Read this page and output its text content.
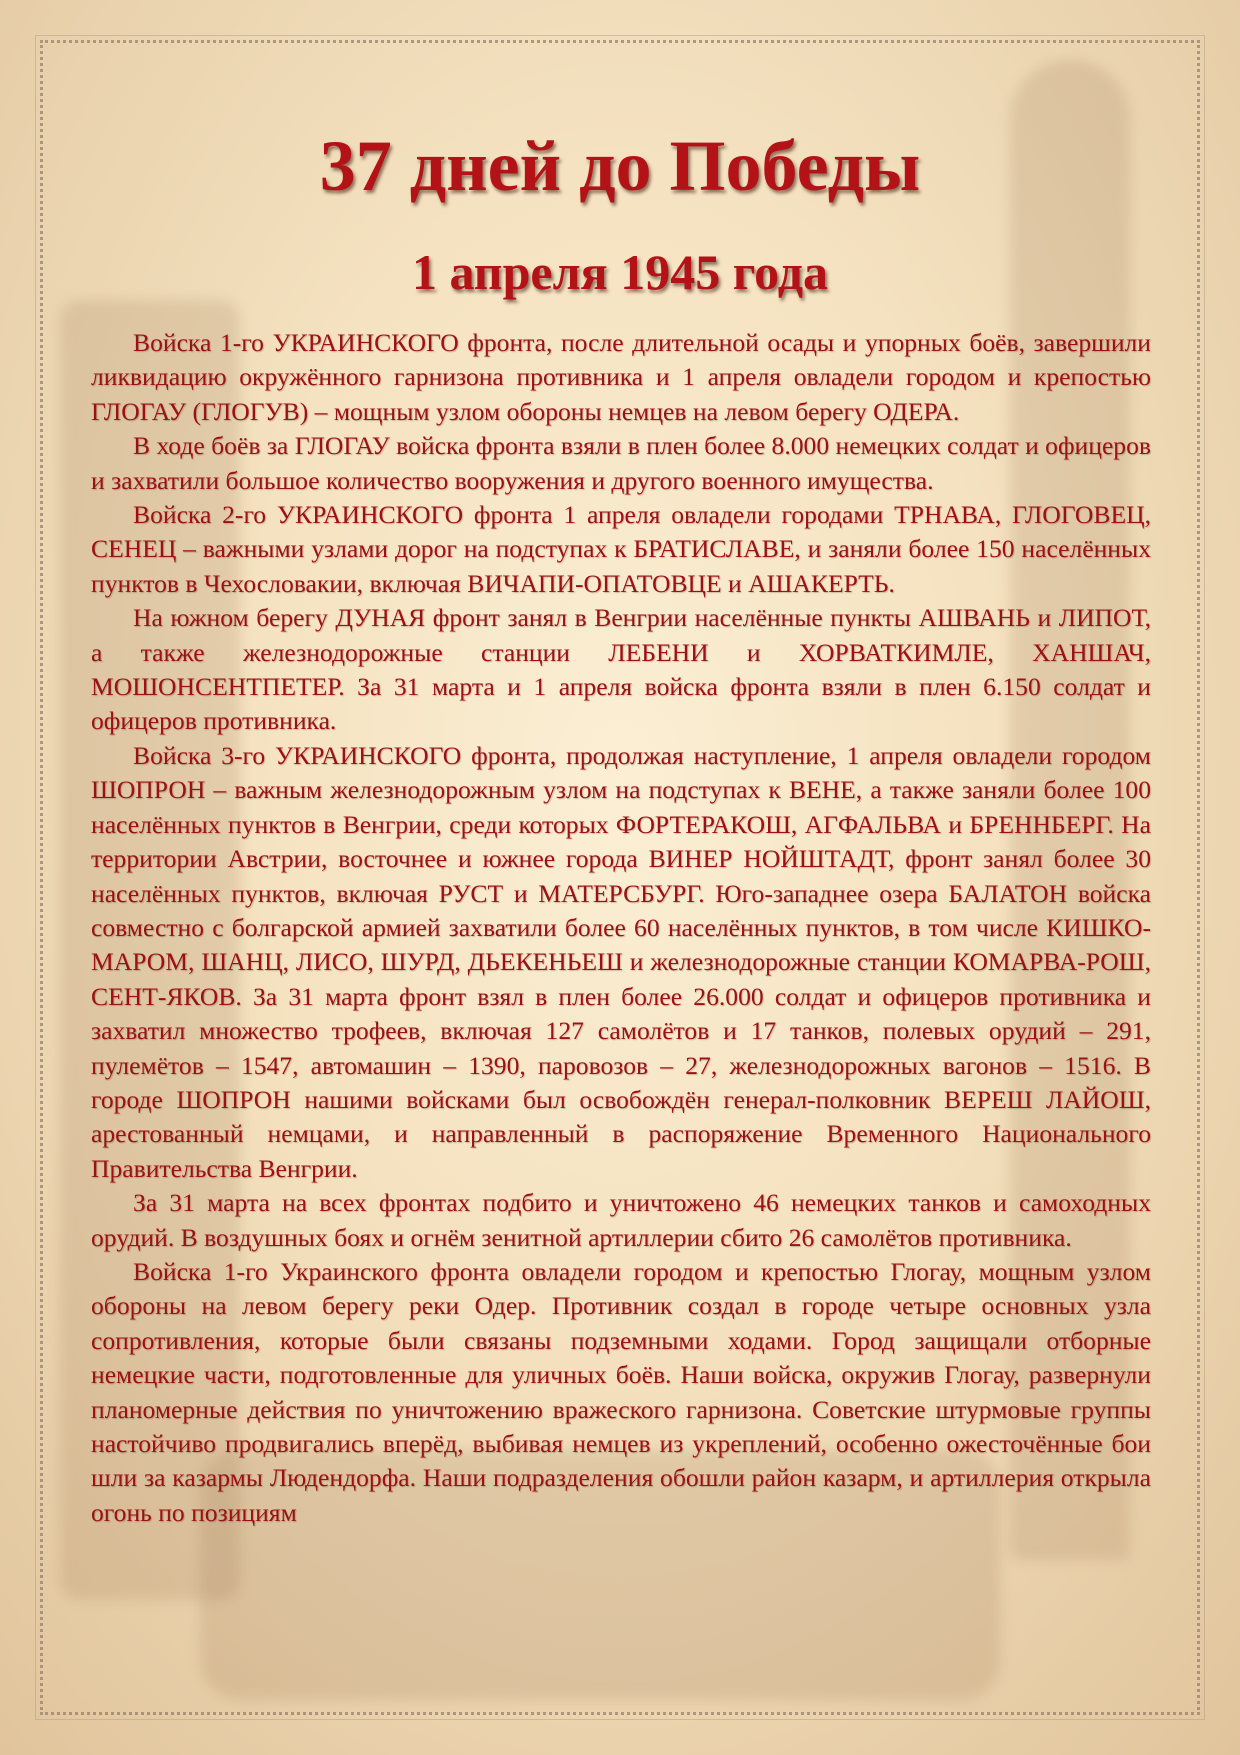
37 дней до Победы
1 апреля 1945 года

Войска 1-го УКРАИНСКОГО фронта, после длительной осады и упорных боёв, завершили ликвидацию окружённого гарнизона противника и 1 апреля овладели городом и крепостью ГЛОГАУ (ГЛОГУВ) – мощным узлом обороны немцев на левом берегу ОДЕРА.

В ходе боёв за ГЛОГАУ войска фронта взяли в плен более 8.000 немецких солдат и офицеров и захватили большое количество вооружения и другого военного имущества.

Войска 2-го УКРАИНСКОГО фронта 1 апреля овладели городами ТРНАВА, ГЛОГОВЕЦ, СЕНЕЦ – важными узлами дорог на подступах к БРАТИСЛАВЕ, и заняли более 150 населённых пунктов в Чехословакии, включая ВИЧАПИ-ОПАТОВЦЕ и АШАКЕРТЬ.

На южном берегу ДУНАЯ фронт занял в Венгрии населённые пункты АШВАНЬ и ЛИПОТ, а также железнодорожные станции ЛЕБЕНИ и ХОРВАТКИМЛЕ, ХАНШАЧ, МОШОНСЕНТПЕТЕР. За 31 марта и 1 апреля войска фронта взяли в плен 6.150 солдат и офицеров противника.

Войска 3-го УКРАИНСКОГО фронта, продолжая наступление, 1 апреля овладели городом ШОПРОН – важным железнодорожным узлом на подступах к ВЕНЕ, а также заняли более 100 населённых пунктов в Венгрии, среди которых ФОРТЕРАКОШ, АГФАЛЬВА и БРЕННБЕРГ. На территории Австрии, восточнее и южнее города ВИНЕР НОЙШТАДТ, фронт занял более 30 населённых пунктов, включая РУСТ и МАТЕРСБУРГ. Юго-западнее озера БАЛАТОН войска совместно с болгарской армией захватили более 60 населённых пунктов, в том числе КИШКО-МАРОМ, ШАНЦ, ЛИСО, ШУРД, ДЬЕКЕНЬЕШ и железнодорожные станции КОМАРВА-РОШ, СЕНТ-ЯКОВ. За 31 марта фронт взял в плен более 26.000 солдат и офицеров противника и захватил множество трофеев, включая 127 самолётов и 17 танков, полевых орудий – 291, пулемётов – 1547, автомашин – 1390, паровозов – 27, железнодорожных вагонов – 1516. В городе ШОПРОН нашими войсками был освобождён генерал-полковник ВЕРЕШ ЛАЙОШ, арестованный немцами, и направленный в распоряжение Временного Национального Правительства Венгрии.

За 31 марта на всех фронтах подбито и уничтожено 46 немецких танков и самоходных орудий. В воздушных боях и огнём зенитной артиллерии сбито 26 самолётов противника.

Войска 1-го Украинского фронта овладели городом и крепостью Глогау, мощным узлом обороны на левом берегу реки Одер. Противник создал в городе четыре основных узла сопротивления, которые были связаны подземными ходами. Город защищали отборные немецкие части, подготовленные для уличных боёв. Наши войска, окружив Глогау, развернули планомерные действия по уничтожению вражеского гарнизона. Советские штурмовые группы настойчиво продвигались вперёд, выбивая немцев из укреплений, особенно ожесточённые бои шли за казармы Людендорфа. Наши подразделения обошли район казарм, и артиллерия открыла огонь по позициям
